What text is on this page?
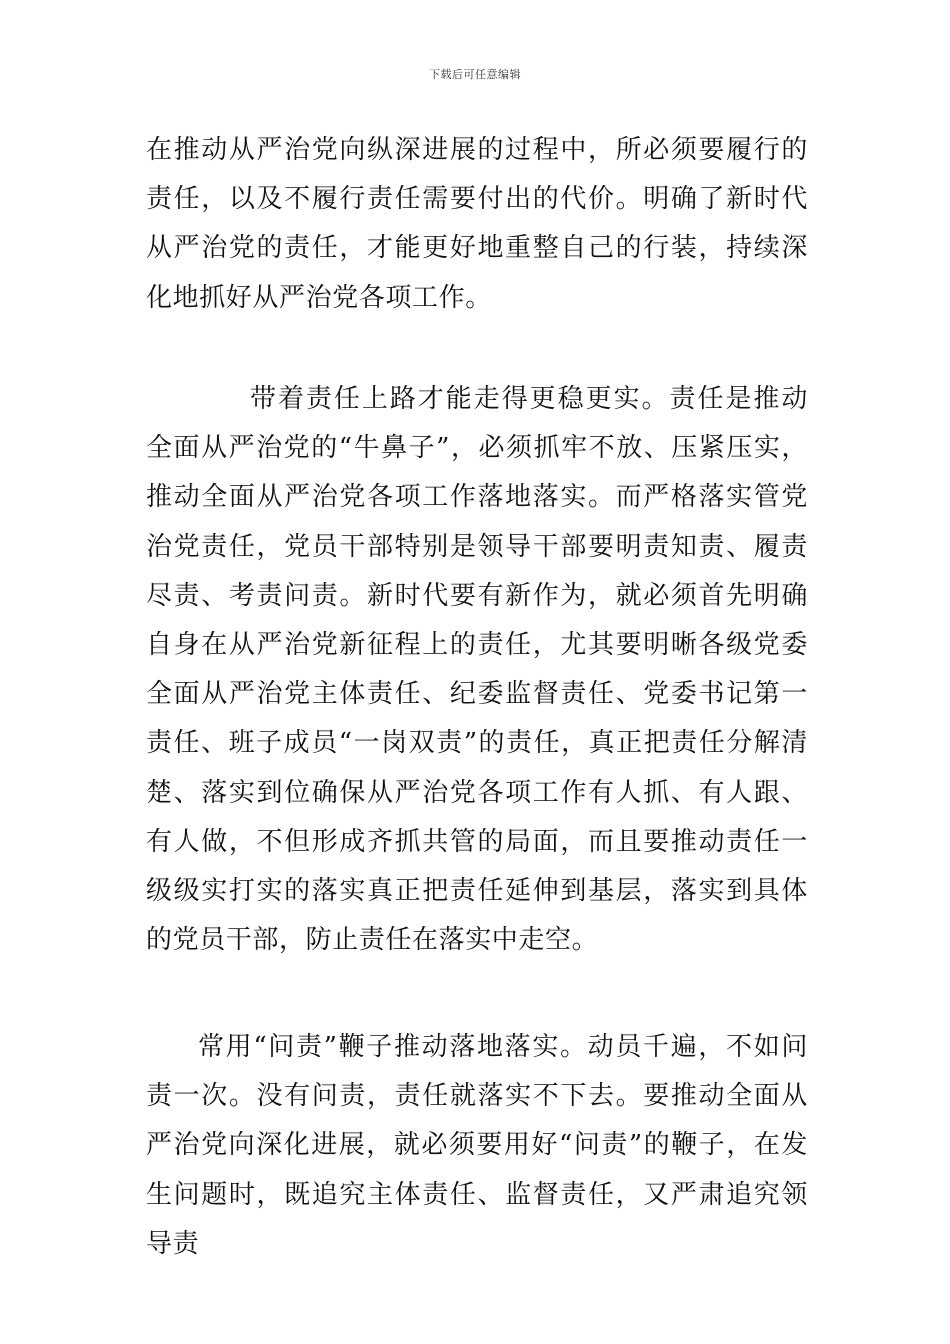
下载后可任意编辑

在推动从严治党向纵深进展的过程中，所必须要履行的责任，以及不履行责任需要付出的代价。明确了新时代从严治党的责任，才能更好地重整自己的行装，持续深化地抓好从严治党各项工作。

带着责任上路才能走得更稳更实。责任是推动全面从严治党的“牛鼻子”，必须抓牢不放、压紧压实，推动全面从严治党各项工作落地落实。而严格落实管党治党责任，党员干部特别是领导干部要明责知责、履责尽责、考责问责。新时代要有新作为，就必须首先明确自身在从严治党新征程上的责任，尤其要明晰各级党委全面从严治党主体责任、纪委监督责任、党委书记第一责任、班子成员“一岗双责”的责任，真正把责任分解清楚、落实到位确保从严治党各项工作有人抓、有人跟、有人做，不但形成齐抓共管的局面，而且要推动责任一级级实打实的落实真正把责任延伸到基层，落实到具体的党员干部，防止责任在落实中走空。

常用“问责”鞭子推动落地落实。动员千遍，不如问责一次。没有问责，责任就落实不下去。要推动全面从严治党向深化进展，就必须要用好“问责”的鞭子，在发生问题时，既追究主体责任、监督责任，又严肃追究领导责
